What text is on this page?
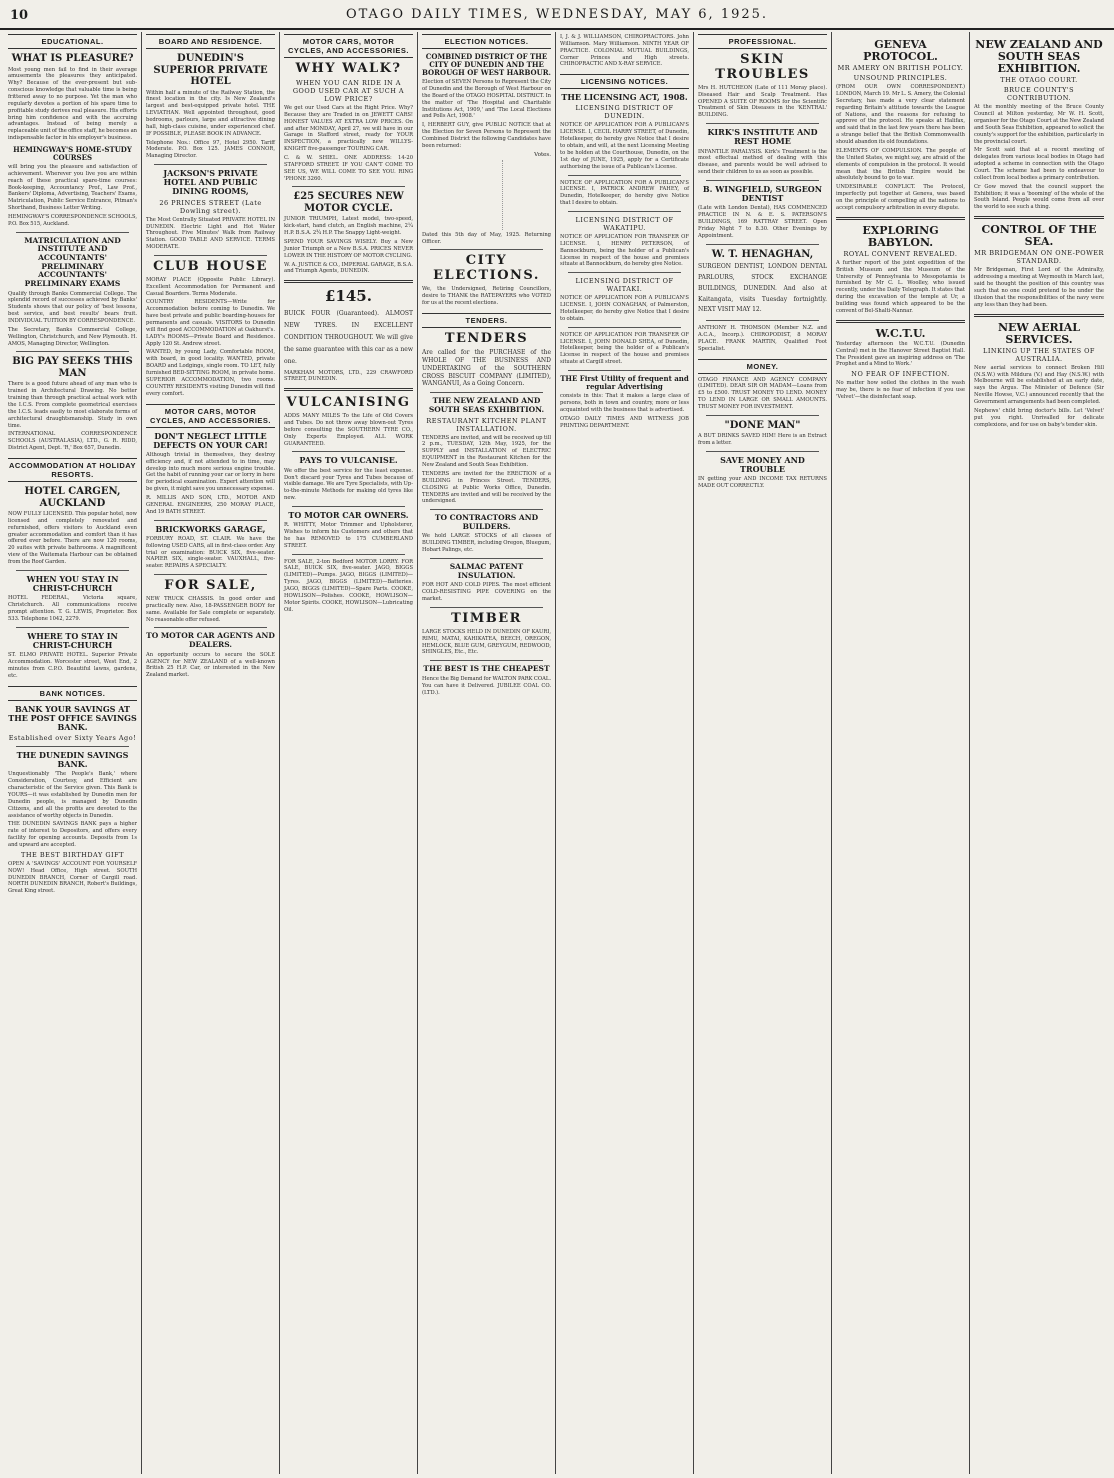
10	OTAGO DAILY TIMES, WEDNESDAY, MAY 6, 1925.
EDUCATIONAL.
WHAT IS PLEASURE?

Most young men fail to find in their average amusements the pleasures they anticipated. Why? Because of the ever-present but sub-conscious knowledge that valuable time is being frittered away to no purpose. Yet the man who regularly devotes a portion of his spare time to profitable study derives real pleasure. His efforts bring him confidence and with the accruing advantages. Instead of being merely a replaceable unit of the office staff, he becomes an indispensable factor in his employer's business.

HEMINGWAY'S HOME-STUDY COURSES

will bring you the pleasure and satisfaction of achievement. Wherever you live you are within reach of these practical spare-time courses: Book-keeping, Accountancy Prof., Law Prof., Bankers' Diploma, Advertising, Teachers' Exams, Matriculation, Public Service Entrance, Pitman's Shorthand, Business Letter Writing.

HEMINGWAY'S CORRESPONDENCE SCHOOLS, P.O. Box 515, Auckland.

MATRICULATION AND INSTITUTE AND ACCOUNTANTS' PRELIMINARY ACCOUNTANTS' PRELIMINARY EXAMS

Qualify through Banks Commercial College. The splendid record of successes achieved by Banks' Students shows that our policy of 'best lessons, best service, and best results' bears fruit. INDIVIDUAL TUITION BY CORRESPONDENCE.

The Secretary, Banks Commercial College, Wellington, Christchurch, and New Plymouth. H. AMOS, Managing Director, Wellington.

BIG PAY SEEKS THIS MAN

There is a good future ahead of any man who is trained in Architectural Drawing. No better training than through practical actual work with the I.C.S. From complete geometrical exercises the I.C.S. leads easily to most elaborate forms of architectural draughtsmanship. Study in own time.

INTERNATIONAL CORRESPONDENCE SCHOOLS (AUSTRALASIA), LTD., G. R. RIDD, District Agent, Dept. 'R,' Box 657, Dunedin.

ACCOMMODATION AT HOLIDAY RESORTS.
HOTEL CARGEN, AUCKLAND

NOW FULLY LICENSED. This popular hotel, now licensed and completely renovated and refurnished, offers visitors to Auckland even greater accommodation and comfort than it has offered ever before. There are now 120 rooms, 20 suites with private bathrooms. A magnificent view of the Waitemata Harbour can be obtained from the Roof Garden.

WHEN YOU STAY IN CHRIST-CHURCH

HOTEL FEDERAL, Victoria square, Christchurch. All communications receive prompt attention. T. G. LEWIS, Proprietor. Box 533. Telephone 1042, 2279.

WHERE TO STAY IN CHRIST-CHURCH

ST. ELMO PRIVATE HOTEL. Superior Private Accommodation. Worcester street, West End, 2 minutes from C.P.O. Beautiful lawns, gardens, etc.

BANK NOTICES.
BANK YOUR SAVINGS AT THE POST OFFICE SAVINGS BANK.
Established over Sixty Years Ago!
THE DUNEDIN SAVINGS BANK.

Unquestionably 'The People's Bank,' where Consideration, Courtesy, and Efficient are characteristic of the Service given. This Bank is YOURS—it was established by Dunedin men for Dunedin people, is managed by Dunedin Citizens, and all the profits are devoted to the assistance of worthy objects in Dunedin.

THE DUNEDIN SAVINGS BANK pays a higher rate of interest to Depositors, and offers every facility for opening accounts. Deposits from 1s and upward are accepted.

THE BEST BIRTHDAY GIFT

OPEN A 'SAVINGS' ACCOUNT FOR YOURSELF NOW! Head Office, High street. SOUTH DUNEDIN BRANCH, Corner of Cargill road. NORTH DUNEDIN BRANCH, Robert's Buildings, Great King street.

BOARD AND RESIDENCE.
DUNEDIN'S SUPERIOR PRIVATE HOTEL

Within half a minute of the Railway Station, the finest location in the city. Is New Zealand's largest and best-equipped private hotel. THE LEVIATHAN. Well appointed throughout, good bedrooms, parlours, large and attractive dining hall, high-class cuisine, under experienced chef. IF POSSIBLE, PLEASE BOOK IN ADVANCE.

Telephone Nos.: Office 97, Hotel 2950. Tariff Moderate. P.O. Box 125. JAMES CONNOR, Managing Director.

JACKSON'S PRIVATE HOTEL AND PUBLIC DINING ROOMS,
26 PRINCES STREET (Late Dowling street).

The Most Centrally Situated PRIVATE HOTEL IN DUNEDIN. Electric Light and Hot Water Throughout. Five Minutes' Walk from Railway Station. GOOD TABLE AND SERVICE. TERMS MODERATE.

CLUB HOUSE

MORAY PLACE (Opposite Public Library). Excellent Accommodation for Permanent and Casual Boarders. Terms Moderate.

COUNTRY RESIDENTS—Write for Accommodation before coming to Dunedin. We have best private and public boarding-houses for permanents and casuals. VISITORS to Dunedin will find good ACCOMMODATION at Oakhurst's. LADY's ROOMS—Private Board and Residence. Apply 120 St. Andrew street.

WANTED, by young Lady, Comfortable ROOM, with board, in good locality. WANTED, private BOARD and Lodgings, single room. TO LET, fully furnished BED-SITTING ROOM, in private home. SUPERIOR ACCOMMODATION, two rooms. COUNTRY RESIDENTS visiting Dunedin will find every comfort.

MOTOR CARS, MOTOR CYCLES, AND ACCESSORIES.
DON'T NEGLECT LITTLE DEFECTS ON YOUR CAR!

Although trivial in themselves, they destroy efficiency and, if not attended to in time, may develop into much more serious engine trouble. Get the habit of running your car or lorry in here for periodical examination. Expert attention will be given, it might save you unnecessary expense.

R. MILLIS AND SON, LTD., MOTOR AND GENERAL ENGINEERS, 250 MORAY PLACE, And 19 BATH STREET.

BRICKWORKS GARAGE,

FORBURY ROAD, ST. CLAIR. We have the following USED CARS, all in first-class order. Any trial or examination: BUICK SIX, five-seater. NAPIER SIX, single-seater. VAUXHALL, five-seater. REPAIRS A SPECIALTY.

FOR SALE,

NEW TRUCK CHASSIS. In good order and practically new. Also, 18-PASSENGER BODY for same. Available for Sale complete or separately. No reasonable offer refused.

TO MOTOR CAR AGENTS AND DEALERS.

An opportunity occurs to secure the SOLE AGENCY for NEW ZEALAND of a well-known British 25 H.P. Car, or interested in the New Zealand market.

MOTOR CARS, MOTOR CYCLES, AND ACCESSORIES.
WHY WALK?
WHEN YOU CAN RIDE IN A GOOD USED CAR AT SUCH A LOW PRICE?

We get our Used Cars at the Right Price. Why? Because they are Traded in on JEWETT CARS! HONEST VALUES AT EXTRA LOW PRICES. On and after MONDAY, April 27, we will have in our Garage in Stafford street, ready for YOUR INSPECTION, a practically new WILLYS-KNIGHT five-passenger TOURING CAR.

C. & W. SHIEL. ONE ADDRESS: 14-20 STAFFORD STREET. IF YOU CAN'T COME TO SEE US, WE WILL COME TO SEE YOU. RING 'PHONE 3260.

£25 SECURES NEW MOTOR CYCLE.

JUNIOR TRIUMPH, Latest model, two-speed, kick-start, hand clutch, an English machine, 2¼ H.P. B.S.A. 2¾ H.P. The Snappy Light-weight.

SPEND YOUR SAVINGS WISELY. Buy a New Junior Triumph or a New B.S.A. PRICES NEVER LOWER IN THE HISTORY OF MOTOR CYCLING.

W. A. JUSTICE & CO., IMPERIAL GARAGE, B.S.A. and Triumph Agents, DUNEDIN.

£145.

BUICK FOUR (Guaranteed). ALMOST NEW TYRES. IN EXCELLENT CONDITION THROUGHOUT. We will give the same guarantee with this car as a new one.

MARKHAM MOTORS, LTD., 229 CRAWFORD STREET, DUNEDIN.

VULCANISING

ADDS MANY MILES To the Life of Old Covers and Tubes. Do not throw away blown-out Tyres before consulting the SOUTHERN TYRE CO., Only Experts Employed. ALL WORK GUARANTEED.

PAYS TO VULCANISE.

We offer the best service for the least expense. Don't discard your Tyres and Tubes because of visible damage. We are Tyre Specialists, with Up-to-the-minute Methods for making old tyres like new.

TO MOTOR CAR OWNERS.

R. WHITTY, Motor Trimmer and Upholsterer, Wishes to inform his Customers and others that he has REMOVED to 175 CUMBERLAND STREET.

FOR SALE, 2-ton Bedford MOTOR LORRY. FOR SALE, BUICK SIX, five-seater. JAGO, BIGGS (LIMITED)—Pumps. JAGO, BIGGS (LIMITED)—Tyres. JAGO, BIGGS (LIMITED)—Batteries. JAGO, BIGGS (LIMITED)—Spare Parts. COOKE, HOWLISON—Polishes. COOKE, HOWLISON—Motor Spirits. COOKE, HOWLISON—Lubricating Oil.

ELECTION NOTICES.
COMBINED DISTRICT OF THE CITY OF DUNEDIN AND THE BOROUGH OF WEST HARBOUR.

Election of SEVEN Persons to Represent the City of Dunedin and the Borough of West Harbour on the Board of the OTAGO HOSPITAL DISTRICT. In the matter of 'The Hospital and Charitable Institutions Act, 1909,' and 'The Local Elections and Polls Act, 1908.'

I, HERBERT GUY, give PUBLIC NOTICE that at the Election for Seven Persons to Represent the Combined District the following Candidates have been returned:

Votes.

Dated this 5th day of May, 1925. Returning Officer.

CITY ELECTIONS.

We, the Undersigned, Retiring Councillors, desire to THANK the RATEPAYERS who VOTED for us at the recent elections.

TENDERS.
TENDERS

Are called for the PURCHASE of the WHOLE OF THE BUSINESS AND UNDERTAKING of the SOUTHERN CROSS BISCUIT COMPANY (LIMITED), WANGANUI, As a Going Concern.

THE NEW ZEALAND AND SOUTH SEAS EXHIBITION.
RESTAURANT KITCHEN PLANT INSTALLATION.

TENDERS are invited, and will be received up till 2 p.m., TUESDAY, 12th May, 1925, for the SUPPLY and INSTALLATION of ELECTRIC EQUIPMENT in the Restaurant Kitchen for the New Zealand and South Seas Exhibition.

TENDERS are invited for the ERECTION of a BUILDING in Princes Street. TENDERS, CLOSING at Public Works Office, Dunedin. TENDERS are invited and will be received by the undersigned.

TO CONTRACTORS AND BUILDERS.

We hold LARGE STOCKS of all classes of BUILDING TIMBER, including Oregon, Bluegum, Hobart Palings, etc.

SALMAC PATENT INSULATION.

FOR HOT AND COLD PIPES. The most efficient COLD-RESISTING PIPE COVERING on the market.

TIMBER

LARGE STOCKS HELD IN DUNEDIN OF KAURI, RIMU, MATAI, KAHIKATEA, BEECH, OREGON, HEMLOCK, BLUE GUM, GREYGUM, REDWOOD, SHINGLES, Etc., Etc.

THE BEST IS THE CHEAPEST

Hence the Big Demand for WALTON PARK COAL. You can have it Delivered. JUBILEE COAL CO. (LTD.).

I, J. & J. WILLIAMSON, CHIROPRACTORS. John Williamson. Mary Williamson. NINTH YEAR OF PRACTICE. COLONIAL MUTUAL BUILDINGS, Corner Princes and High streets. CHIROPRACTIC AND X-RAY SERVICE.

LICENSING NOTICES.
THE LICENSING ACT, 1908.
LICENSING DISTRICT OF DUNEDIN.

NOTICE OF APPLICATION FOR A PUBLICAN'S LICENSE. I, CECIL HARRY STREET, of Dunedin, Hotelkeeper, do hereby give Notice that I desire to obtain, and will, at the next Licensing Meeting to be holden at the Courthouse, Dunedin, on the 1st day of JUNE, 1925, apply for a Certificate authorising the issue of a Publican's License.

NOTICE OF APPLICATION FOR A PUBLICAN'S LICENSE. I, PATRICK ANDREW FAHEY, of Dunedin, Hotelkeeper, do hereby give Notice that I desire to obtain.

LICENSING DISTRICT OF WAKATIPU.

NOTICE OF APPLICATION FOR TRANSFER OF LICENSE. I, HENRY PETERSON, of Bannockburn, being the holder of a Publican's License in respect of the house and premises situate at Bannockburn, do hereby give Notice.

LICENSING DISTRICT OF WAITAKI.

NOTICE OF APPLICATION FOR A PUBLICAN'S LICENSE. I, JOHN CONAGHAN, of Palmerston, Hotelkeeper, do hereby give Notice that I desire to obtain.

NOTICE OF APPLICATION FOR TRANSFER OF LICENSE. I, JOHN DONALD SHEA, of Dunedin, Hotelkeeper, being the holder of a Publican's License in respect of the house and premises situate at Cargill street.

THE First Utility of frequent and regular Advertising

consists in this: That it makes a large class of persons, both in town and country, more or less acquainted with the business that is advertised.

OTAGO DAILY TIMES AND WITNESS JOB PRINTING DEPARTMENT.

PROFESSIONAL.
SKIN TROUBLES

Mrs H. HUTCHEON (Late of 111 Moray place). Diseased Hair and Scalp Treatment. Has OPENED A SUITE OF ROOMS for the Scientific Treatment of Skin Diseases in the 'KENTRAL' BUILDING.

KIRK'S INSTITUTE AND REST HOME

INFANTILE PARALYSIS. Kirk's Treatment is the most effectual method of dealing with this disease, and parents would be well advised to send their children to us as soon as possible.

B. WINGFIELD, SURGEON DENTIST

(Late with London Dental), HAS COMMENCED PRACTICE IN N. & E. S. PATERSON'S BUILDINGS, 169 RATTRAY STREET. Open Friday Night 7 to 8.30. Other Evenings by Appointment.

W. T. HENAGHAN,

SURGEON DENTIST, LONDON DENTAL PARLOURS, STOCK EXCHANGE BUILDINGS, DUNEDIN. And also at Kaitangata, visits Tuesday fortnightly. NEXT VISIT MAY 12.

ANTHONY H. THOMSON (Member N.Z. and A.C.A., Incorp.). CHIROPODIST, 8 MORAY PLACE. FRANK MARTIN, Qualified Foot Specialist.

MONEY.

OTAGO FINANCE AND AGENCY COMPANY (LIMITED). DEAR SIR OR MADAM—Loans from £5 to £500. TRUST MONEY TO LEND. MONEY TO LEND IN LARGE OR SMALL AMOUNTS. TRUST MONEY FOR INVESTMENT.

"DONE MAN"

A BUT DRINKS SAVED HIM! Here is an Extract from a letter.

SAVE MONEY AND TROUBLE

IN getting your AND INCOME TAX RETURNS MADE OUT CORRECTLY.

GENEVA PROTOCOL.
MR AMERY ON BRITISH POLICY.
UNSOUND PRINCIPLES.

(FROM OUR OWN CORRESPONDENT.) LONDON, March 19. Mr L. S. Amery, the Colonial Secretary, has made a very clear statement regarding Britain's attitude towards the League of Nations, and the reasons for refusing to approve of the protocol. He speaks at Halifax, and said that in the last few years there has been a strange belief that the British Commonwealth should abandon its old foundations.

ELEMENTS OF COMPULSION. The people of the United States, we might say, are afraid of the elements of compulsion in the protocol. It would mean that the British Empire would be absolutely bound to go to war.

UNDESIRABLE CONFLICT. The Protocol, imperfectly put together at Geneva, was based on the principle of compelling all the nations to accept compulsory arbitration in every dispute.

EXPLORING BABYLON.
ROYAL CONVENT REVEALED.

A further report of the joint expedition of the British Museum and the Museum of the University of Pennsylvania to Mesopotamia is furnished by Mr C. L. Woolley, who issued recently, under the Daily Telegraph. It states that during the excavation of the temple at Ur, a building was found which appeared to be the convent of Bel-Shalti-Nannar.

W.C.T.U.

Yesterday afternoon the W.C.T.U. (Dunedin Central) met in the Hanover Street Baptist Hall. The President gave an inspiring address on 'The Prophet and a Mind to Work.'

NO FEAR OF INFECTION.

No matter how soiled the clothes in the wash may be, there is no fear of infection if you use 'Velvet'—the disinfectant soap.

NEW ZEALAND AND SOUTH SEAS EXHIBITION.
THE OTAGO COURT.
BRUCE COUNTY'S CONTRIBUTION.

At the monthly meeting of the Bruce County Council at Milton yesterday, Mr W. H. Scott, organiser for the Otago Court at the New Zealand and South Seas Exhibition, appeared to solicit the county's support for the exhibition, particularly in the provincial court.

Mr Scott said that at a recent meeting of delegates from various local bodies in Otago had adopted a scheme in connection with the Otago Court. The scheme had been to endeavour to collect from local bodies a primary contribution.

Cr Gow moved that the council support the Exhibition; it was a 'booming' of the whole of the South Island. People would come from all over the world to see such a thing.

CONTROL OF THE SEA.
MR BRIDGEMAN ON ONE-POWER STANDARD.

Mr Bridgeman, First Lord of the Admiralty, addressing a meeting at Weymouth in March last, said he thought the position of this country was such that no one could pretend to be under the illusion that the responsibilities of the navy were any less than they had been.

NEW AERIAL SERVICES.
LINKING UP THE STATES OF AUSTRALIA.

New aerial services to connect Broken Hill (N.S.W.) with Mildura (V.) and Hay (N.S.W.) with Melbourne will be established at an early date, says the Argus. The Minister of Defence (Sir Neville Howse, V.C.) announced recently that the Government arrangements had been completed.

Nephews' child bring doctor's bills. Let 'Velvet' put you right. Unrivalled for delicate complexions, and for use on baby's tender skin.
